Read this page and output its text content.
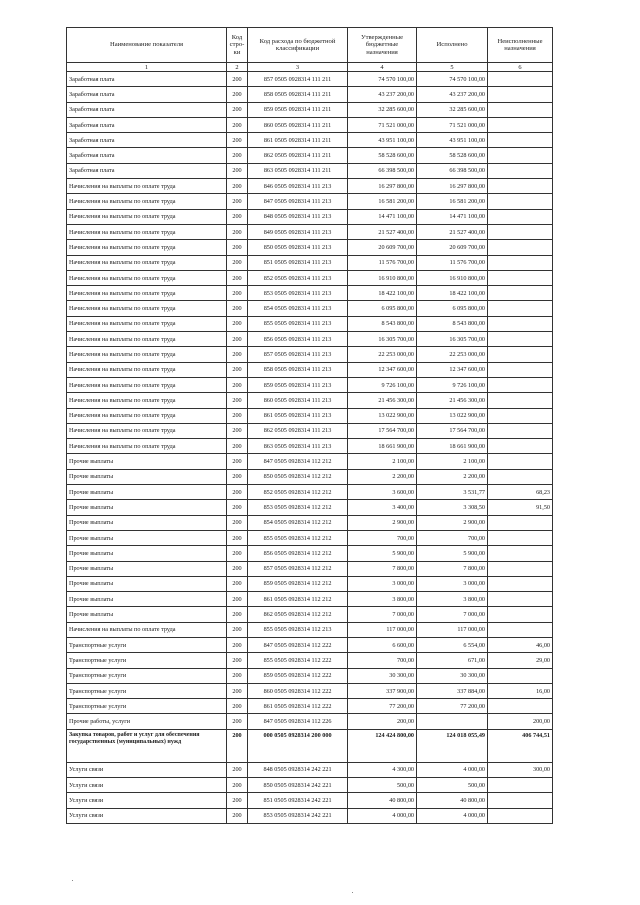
Наименование показателя	Код стро-ки	Код расхода по бюджетной классификации	Утвержденные бюджетные назначения	Исполнено	Неисполненные назначения
1	2	3	4	5	6
Заработная плата	200	857 0505 0928314 111 211	74 570 100,00	74 570 100,00	
Заработная плата	200	858 0505 0928314 111 211	43 237 200,00	43 237 200,00	
Заработная плата	200	859 0505 0928314 111 211	32 285 600,00	32 285 600,00	
Заработная плата	200	860 0505 0928314 111 211	71 521 000,00	71 521 000,00	
Заработная плата	200	861 0505 0928314 111 211	43 951 100,00	43 951 100,00	
Заработная плата	200	862 0505 0928314 111 211	58 528 600,00	58 528 600,00	
Заработная плата	200	863 0505 0928314 111 211	66 398 500,00	66 398 500,00	
Начисления на выплаты по оплате труда	200	846 0505 0928314 111 213	16 297 800,00	16 297 800,00	
Начисления на выплаты по оплате труда	200	847 0505 0928314 111 213	16 581 200,00	16 581 200,00	
Начисления на выплаты по оплате труда	200	848 0505 0928314 111 213	14 471 100,00	14 471 100,00	
Начисления на выплаты по оплате труда	200	849 0505 0928314 111 213	21 527 400,00	21 527 400,00	
Начисления на выплаты по оплате труда	200	850 0505 0928314 111 213	20 609 700,00	20 609 700,00	
Начисления на выплаты по оплате труда	200	851 0505 0928314 111 213	11 576 700,00	11 576 700,00	
Начисления на выплаты по оплате труда	200	852 0505 0928314 111 213	16 910 800,00	16 910 800,00	
Начисления на выплаты по оплате труда	200	853 0505 0928314 111 213	18 422 100,00	18 422 100,00	
Начисления на выплаты по оплате труда	200	854 0505 0928314 111 213	6 095 800,00	6 095 800,00	
Начисления на выплаты по оплате труда	200	855 0505 0928314 111 213	8 543 800,00	8 543 800,00	
Начисления на выплаты по оплате труда	200	856 0505 0928314 111 213	16 305 700,00	16 305 700,00	
Начисления на выплаты по оплате труда	200	857 0505 0928314 111 213	22 253 000,00	22 253 000,00	
Начисления на выплаты по оплате труда	200	858 0505 0928314 111 213	12 347 600,00	12 347 600,00	
Начисления на выплаты по оплате труда	200	859 0505 0928314 111 213	9 726 100,00	9 726 100,00	
Начисления на выплаты по оплате труда	200	860 0505 0928314 111 213	21 456 300,00	21 456 300,00	
Начисления на выплаты по оплате труда	200	861 0505 0928314 111 213	13 022 900,00	13 022 900,00	
Начисления на выплаты по оплате труда	200	862 0505 0928314 111 213	17 564 700,00	17 564 700,00	
Начисления на выплаты по оплате труда	200	863 0505 0928314 111 213	18 661 900,00	18 661 900,00	
Прочие выплаты	200	847 0505 0928314 112 212	2 100,00	2 100,00	
Прочие выплаты	200	850 0505 0928314 112 212	2 200,00	2 200,00	
Прочие выплаты	200	852 0505 0928314 112 212	3 600,00	3 531,77	68,23
Прочие выплаты	200	853 0505 0928314 112 212	3 400,00	3 308,50	91,50
Прочие выплаты	200	854 0505 0928314 112 212	2 900,00	2 900,00	
Прочие выплаты	200	855 0505 0928314 112 212	700,00	700,00	
Прочие выплаты	200	856 0505 0928314 112 212	5 900,00	5 900,00	
Прочие выплаты	200	857 0505 0928314 112 212	7 800,00	7 800,00	
Прочие выплаты	200	859 0505 0928314 112 212	3 000,00	3 000,00	
Прочие выплаты	200	861 0505 0928314 112 212	3 800,00	3 800,00	
Прочие выплаты	200	862 0505 0928314 112 212	7 000,00	7 000,00	
Начисления на выплаты по оплате труда	200	855 0505 0928314 112 213	117 000,00	117 000,00	
Транспортные услуги	200	847 0505 0928314 112 222	6 600,00	6 554,00	46,00
Транспортные услуги	200	855 0505 0928314 112 222	700,00	671,00	29,00
Транспортные услуги	200	859 0505 0928314 112 222	30 300,00	30 300,00	
Транспортные услуги	200	860 0505 0928314 112 222	337 900,00	337 884,00	16,00
Транспортные услуги	200	861 0505 0928314 112 222	77 200,00	77 200,00	
Прочие работы, услуги	200	847 0505 0928314 112 226	200,00		200,00
Закупка товаров, работ и услуг для обеспечения государственных (муниципальных) нужд	200	000 0505 0928314 200 000	124 424 800,00	124 018 055,49	406 744,51
Услуги связи	200	848 0505 0928314 242 221	4 300,00	4 000,00	300,00
Услуги связи	200	850 0505 0928314 242 221	500,00	500,00	
Услуги связи	200	851 0505 0928314 242 221	40 800,00	40 800,00	
Услуги связи	200	853 0505 0928314 242 221	4 000,00	4 000,00	
